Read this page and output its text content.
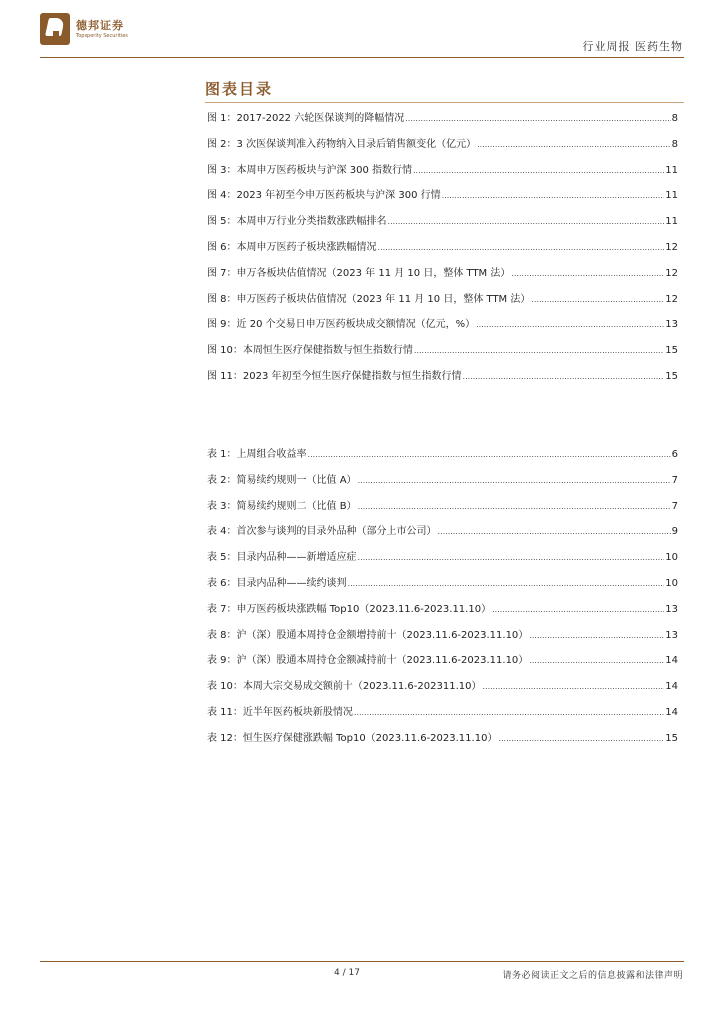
德邦证券
Topsperity Securities
行业周报 医药生物
图表目录
图 1：2017-2022 六轮医保谈判的降幅情况 .....	8
图 2：3 次医保谈判准入药物纳入目录后销售额变化（亿元） .....	8
图 3：本周申万医药板块与沪深 300 指数行情 .....	11
图 4：2023 年初至今申万医药板块与沪深 300 行情 .....	11
图 5：本周申万行业分类指数涨跌幅排名 .....	11
图 6：本周申万医药子板块涨跌幅情况 .....	12
图 7：申万各板块估值情况（2023 年 11 月 10 日，整体 TTM 法） .....	12
图 8：申万医药子板块估值情况（2023 年 11 月 10 日，整体 TTM 法） .....	12
图 9：近 20 个交易日申万医药板块成交额情况（亿元，%） .....	13
图 10：本周恒生医疗保健指数与恒生指数行情 .....	15
图 11：2023 年初至今恒生医疗保健指数与恒生指数行情 .....	15
表 1：上周组合收益率 .....	6
表 2：简易续约规则一（比值 A） .....	7
表 3：简易续约规则二（比值 B） .....	7
表 4：首次参与谈判的目录外品种（部分上市公司） .....	9
表 5：目录内品种——新增适应症 .....	10
表 6：目录内品种——续约谈判 .....	10
表 7：申万医药板块涨跌幅 Top10（2023.11.6-2023.11.10） .....	13
表 8：沪（深）股通本周持仓金额增持前十（2023.11.6-2023.11.10） .....	13
表 9：沪（深）股通本周持仓金额减持前十（2023.11.6-2023.11.10） .....	14
表 10：本周大宗交易成交额前十（2023.11.6-202311.10） .....	14
表 11：近半年医药板块新股情况 .....	14
表 12：恒生医疗保健涨跌幅 Top10（2023.11.6-2023.11.10） .....	15
4 / 17	请务必阅读正文之后的信息披露和法律声明
